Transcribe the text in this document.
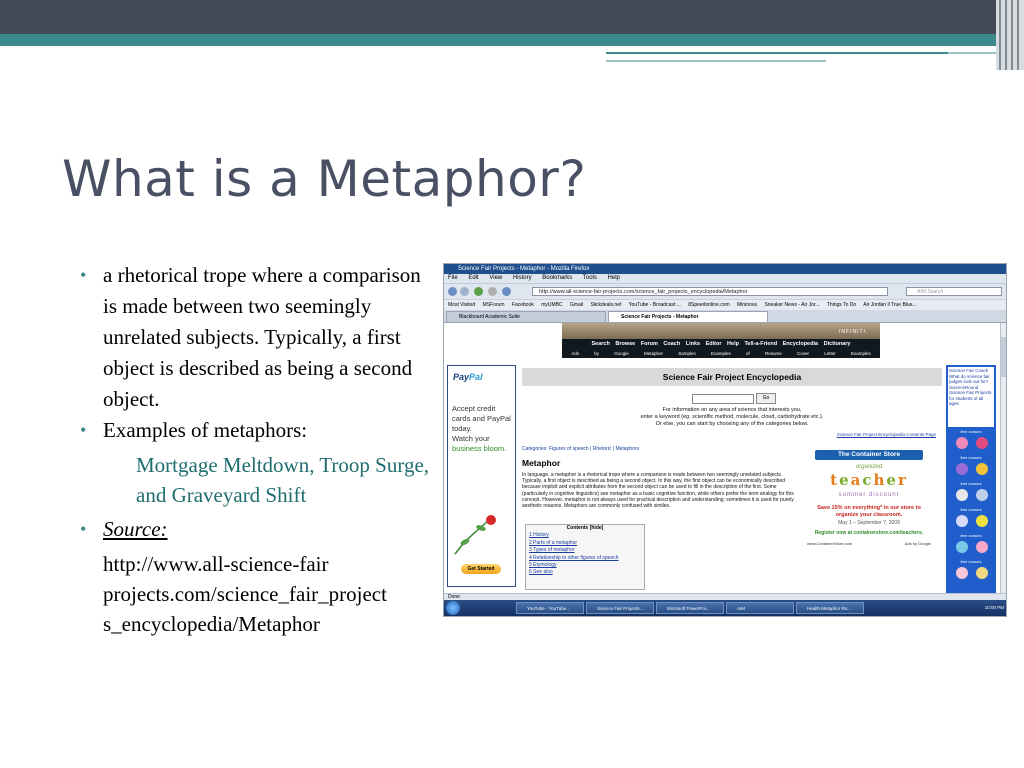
What is a Metaphor?
• a rhetorical trope where a comparison is made between two seemingly unrelated subjects. Typically, a first object is described as being a second object.
• Examples of metaphors:
Mortgage Meltdown, Troop Surge, and Graveyard Shift
• Source:
http://www.all-science-fair projects.com/science_fair_project s_encyclopedia/Metaphor
Science Fair Projects - Metaphor - Mozilla Firefox
File Edit View History Bookmarks Tools Help
http://www.all-science-fair-projects.com/science_fair_projects_encyclopedia/Metaphor	AIM Search
Most Visited MSForum Facebook myUMBC Gmail Slickdeals.net YouTube - Broadcast ... 8Speedonline.com Mininova Sneaker News - Air Jor... Things To Do Air Jordan ll True Blue...
Blackboard Academic Suite	Science Fair Projects - Metaphor
INFINITI.
Search Browse Forum Coach Links Editor Help Tell-a-Friend Encyclopedia Dictionary
Ads by Google Metaphor Samples Examples of Resume Cover Letter Examples C++ Examples
PayPal
Accept credit cards and PayPal today.
Watch your business bloom.
Get Started
Science Fair Project Encyclopedia
Go
For information on any area of science that interests you,
enter a keyword (eg. scientific method, molecule, cloud, carbohydrate etc.).
Or else, you can start by choosing any of the categories below.
Science Fair Project Encyclopedia Contents Page
Categories: Figures of speech | Rhetoric | Metaphors
Metaphor
In language, a metaphor is a rhetorical trope where a comparison is made between two seemingly unrelated subjects. Typically, a first object is described as being a second object. In this way, the first object can be economically described because implicit and explicit attributes from the second object can be used to fill in the description of the first. Some (particularly in cognitive linguistics) see metaphor as a basic cognitive function, while others prefer the term analogy for this concept. However, metaphor is not always used for practical description and understanding; sometimes it is used for purely aesthetic reasons. Metaphors are commonly confused with similes.
Contents [hide]
1 History
2 Parts of a metaphor
3 Types of metaphor
4 Relationship to other figures of speech
5 Etymology
6 See also
The Container Store
organized
teacher
summer discount
Save 15% on everything* in our store to organize your classroom.
May 1 – September 7, 2009
Register now at containerstore.com/teachers.
www.ContainerStore.com	Ads by Google
Science Fair Coach What do science fair judges look out for? ScienceRound Science Fair Projects for students of all ages
free cursors
free cursors
free cursors
free cursors
free cursors
free cursors
Done
YouTube - YouTube...	Science Fair Projects...	Microsoft PowerPoi...	AIM	Health Metaphor Ro...	10:00 PM
